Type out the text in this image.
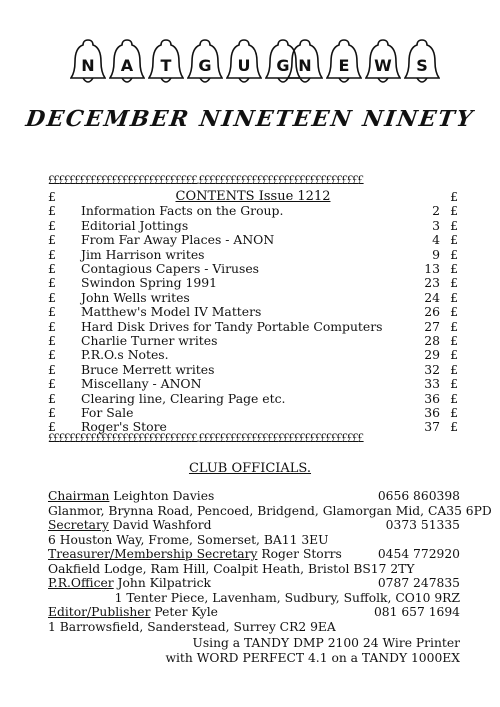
N	A	T	G	U	G N	E	W	S
DECEMBER NINETEEN NINETY
££££££££££££££££££££££££££££.£££££££££££££££££££££££££££££££
CONTENTS Issue 1212
£	£
£ Information Facts on the Group.	2 £
£ Editorial Jottings	3 £
£ From Far Away Places - ANON	4 £
£ Jim Harrison writes	9 £
£ Contagious Capers - Viruses	13 £
£ Swindon Spring 1991	23 £
£ John Wells writes	24 £
£ Matthew's Model IV Matters	26 £
£ Hard Disk Drives for Tandy Portable Computers	27 £
£ Charlie Turner writes	28 £
£ P.R.O.s Notes.	29 £
£ Bruce Merrett writes	32 £
£ Miscellany - ANON	33 £
£ Clearing line, Clearing Page etc.	36 £
£ For Sale	36 £
£ Roger's Store	37 £
££££££££££££££££££££££££££££.£££££££££££££££££££££££££££££££
CLUB OFFICIALS.
Chairman Leighton Davies	0656 860398
Glanmor, Brynna Road, Pencoed, Bridgend, Glamorgan Mid, CA35 6PD
Secretary David Washford	0373 51335
6 Houston Way, Frome, Somerset, BA11 3EU
Treasurer/Membership Secretary Roger Storrs	0454 772920
Oakfield Lodge, Ram Hill, Coalpit Heath, Bristol BS17 2TY
P.R.Officer John Kilpatrick	0787 247835
1 Tenter Piece, Lavenham, Sudbury, Suffolk, CO10 9RZ
Editor/Publisher Peter Kyle	081 657 1694
1 Barrowsfield, Sanderstead, Surrey CR2 9EA
Using a TANDY DMP 2100 24 Wire Printer
with WORD PERFECT 4.1 on a TANDY 1000EX
